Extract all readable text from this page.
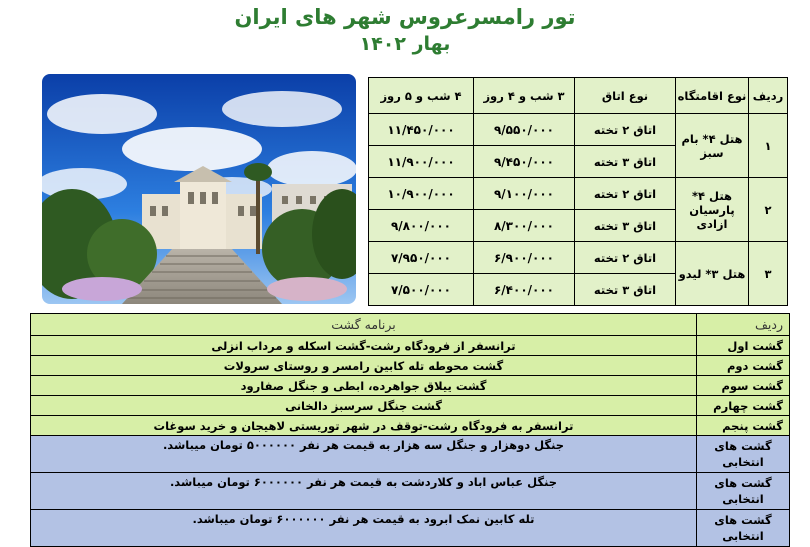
تور رامسرعروس شهر های ایران
بهار ۱۴۰۲
ردیف	نوع اقامتگاه	نوع اتاق	۳ شب و ۴ روز	۴ شب و ۵ روز
۱	هتل ۴* بام سبز	اتاق ۲ تخته	۹/۵۵۰/۰۰۰	۱۱/۴۵۰/۰۰۰
		اتاق ۳ تخته	۹/۴۵۰/۰۰۰	۱۱/۹۰۰/۰۰۰
۲	هتل ۴* پارسیان ازادی	اتاق ۲ تخته	۹/۱۰۰/۰۰۰	۱۰/۹۰۰/۰۰۰
		اتاق ۳ تخته	۸/۳۰۰/۰۰۰	۹/۸۰۰/۰۰۰
۳	هتل ۳* لیدو	اتاق ۲ تخته	۶/۹۰۰/۰۰۰	۷/۹۵۰/۰۰۰
		اتاق ۳ تخته	۶/۴۰۰/۰۰۰	۷/۵۰۰/۰۰۰
ردیف	برنامه گشت
گشت اول	ترانسفر از فرودگاه رشت-گشت اسکله و مرداب انزلی
گشت دوم	گشت محوطه تله کابین رامسر و روستای سرولات
گشت سوم	گشت ییلاق جواهرده، ابطی و جنگل صفارود
گشت چهارم	گشت جنگل سرسبز دالخانی
گشت پنجم	ترانسفر به فرودگاه رشت-توقف در شهر توریستی لاهیجان و خرید سوغات
گشت های انتخابی	جنگل دوهزار و جنگل سه هزار به قیمت هر نفر ۵۰۰۰۰۰۰ تومان میباشد.
گشت های انتخابی	جنگل عباس اباد و کلاردشت به قیمت هر نفر ۶۰۰۰۰۰۰ تومان میباشد.
گشت های انتخابی	تله کابین نمک ابرود به قیمت هر نفر ۶۰۰۰۰۰۰ تومان میباشد.
